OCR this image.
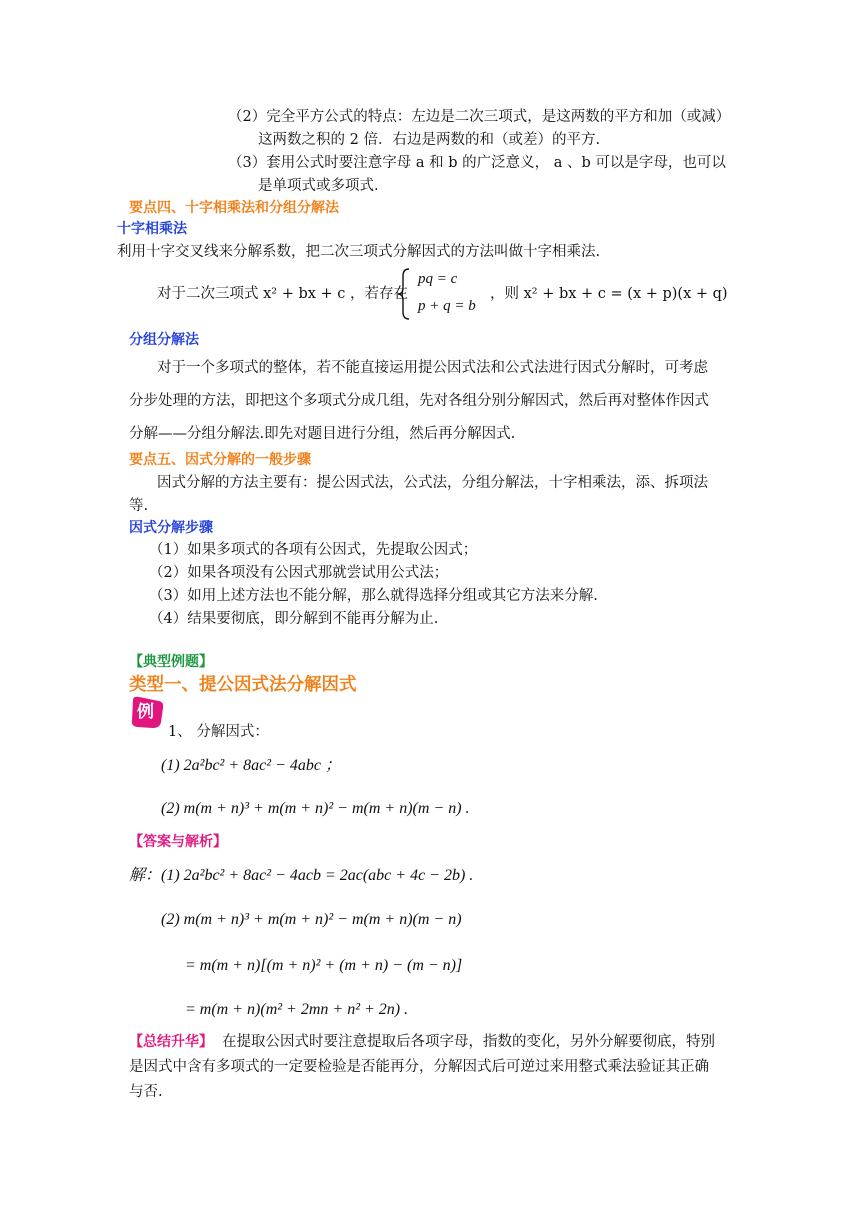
（2）完全平方公式的特点：左边是二次三项式，是这两数的平方和加（或减）
这两数之积的 2 倍．右边是两数的和（或差）的平方.
（3）套用公式时要注意字母 a 和 b 的广泛意义， a 、b 可以是字母，也可以
是单项式或多项式.
要点四、十字相乘法和分组分解法
十字相乘法
利用十字交叉线来分解系数，把二次三项式分解因式的方法叫做十字相乘法.
对于二次三项式 x² + bx + c ，若存在
pq = c
p + q = b
，则 x² + bx + c = (x + p)(x + q)
分组分解法
对于一个多项式的整体，若不能直接运用提公因式法和公式法进行因式分解时，可考虑
分步处理的方法，即把这个多项式分成几组，先对各组分别分解因式，然后再对整体作因式
分解——分组分解法.即先对题目进行分组，然后再分解因式.
要点五、因式分解的一般步骤
因式分解的方法主要有：提公因式法，公式法，分组分解法，十字相乘法，添、拆项法
等.
因式分解步骤
（1）如果多项式的各项有公因式，先提取公因式；
（2）如果各项没有公因式那就尝试用公式法；
（3）如用上述方法也不能分解，那么就得选择分组或其它方法来分解.
（4）结果要彻底，即分解到不能再分解为止.
【典型例题】
类型一、提公因式法分解因式
例
1、 分解因式：
(1) 2a²bc² + 8ac² − 4abc ；
(2) m(m + n)³ + m(m + n)² − m(m + n)(m − n) .
【答案与解析】
解：(1) 2a²bc² + 8ac² − 4acb = 2ac(abc + 4c − 2b) .
(2) m(m + n)³ + m(m + n)² − m(m + n)(m − n)
= m(m + n)[(m + n)² + (m + n) − (m − n)]
= m(m + n)(m² + 2mn + n² + 2n) .
【总结升华】 在提取公因式时要注意提取后各项字母，指数的变化，另外分解要彻底，特别
是因式中含有多项式的一定要检验是否能再分，分解因式后可逆过来用整式乘法验证其正确
与否.
